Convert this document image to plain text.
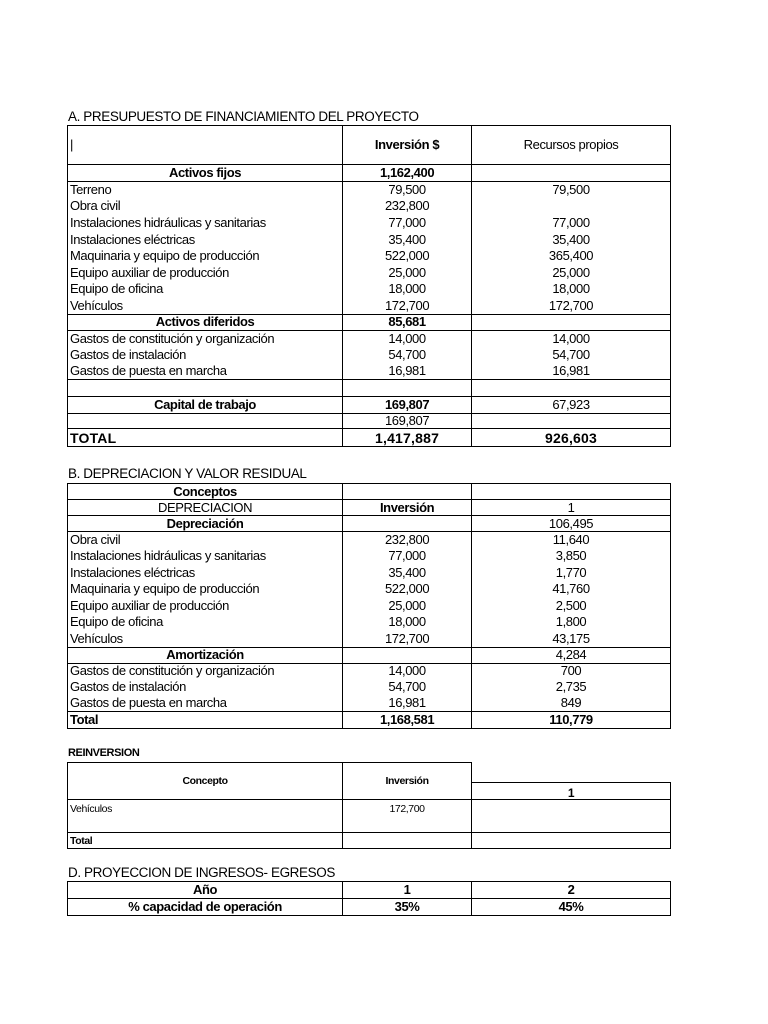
A. PRESUPUESTO DE FINANCIAMIENTO DEL PROYECTO
|	Inversión $	Recursos propios
Activos fijos	1,162,400	
Terreno	79,500	79,500
Obra civil	232,800	
Instalaciones hidráulicas y sanitarias	77,000	77,000
Instalaciones eléctricas	35,400	35,400
Maquinaria y equipo de producción	522,000	365,400
Equipo auxiliar de producción	25,000	25,000
Equipo de oficina	18,000	18,000
Vehículos	172,700	172,700
Activos diferidos	85,681	
Gastos de constitución y organización	14,000	14,000
Gastos de instalación	54,700	54,700
Gastos de puesta en marcha	16,981	16,981

Capital de trabajo	169,807	67,923
	169,807	
TOTAL	1,417,887	926,603
B. DEPRECIACION Y VALOR RESIDUAL
Conceptos		
DEPRECIACION	Inversión	1
Depreciación		106,495
Obra civil	232,800	11,640
Instalaciones hidráulicas y sanitarias	77,000	3,850
Instalaciones eléctricas	35,400	1,770
Maquinaria y equipo de producción	522,000	41,760
Equipo auxiliar de producción	25,000	2,500
Equipo de oficina	18,000	1,800
Vehículos	172,700	43,175
Amortización		4,284
Gastos de constitución y organización	14,000	700
Gastos de instalación	54,700	2,735
Gastos de puesta en marcha	16,981	849
Total	1,168,581	110,779
REINVERSION
Concepto	Inversión	
		1
Vehículos	172,700	
Total		
D. PROYECCION DE INGRESOS- EGRESOS
Año	1	2
% capacidad de operación	35%	45%
